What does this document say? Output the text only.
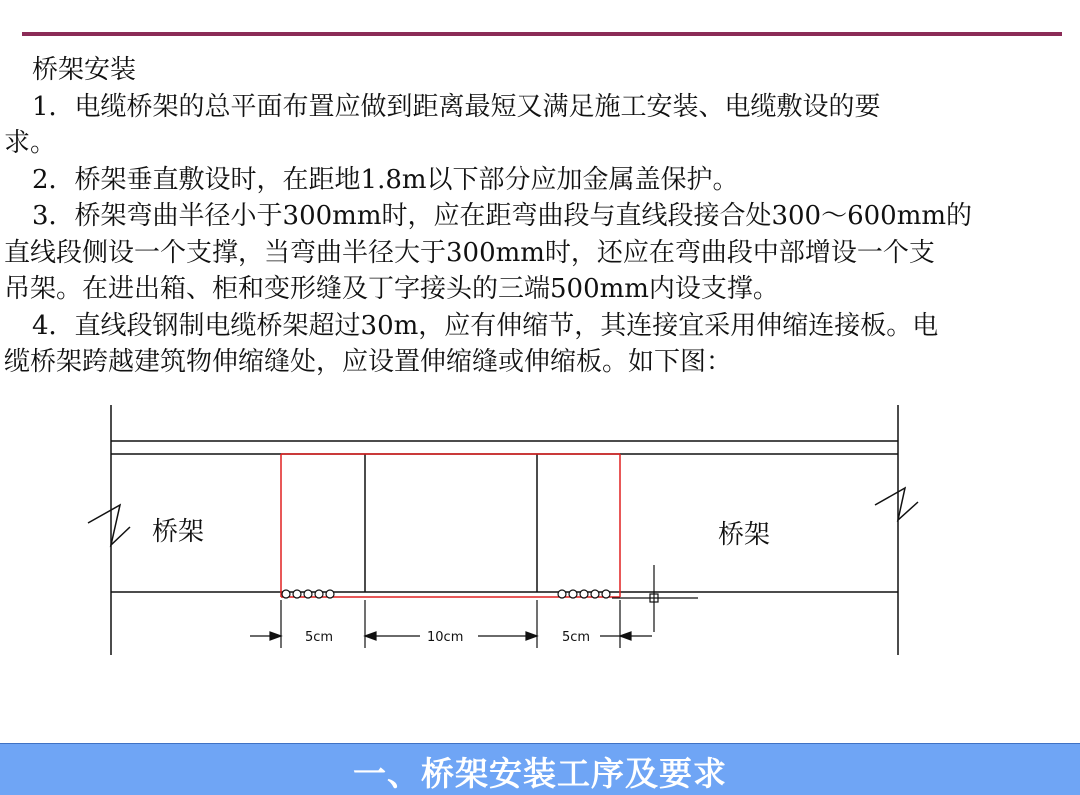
桥架安装

1．电缆桥架的总平面布置应做到距离最短又满足施工安装、电缆敷设的要

求。

2．桥架垂直敷设时，在距地1.8m以下部分应加金属盖保护。

3．桥架弯曲半径小于300mm时，应在距弯曲段与直线段接合处300～600mm的

直线段侧设一个支撑，当弯曲半径大于300mm时，还应在弯曲段中部增设一个支

吊架。在进出箱、柜和变形缝及丁字接头的三端500mm内设支撑。

4．直线段钢制电缆桥架超过30m，应有伸缩节，其连接宜采用伸缩连接板。电

缆桥架跨越建筑物伸缩缝处，应设置伸缩缝或伸缩板。如下图：

桥架	桥架
5cm	10cm	5cm
一、桥架安装工序及要求
